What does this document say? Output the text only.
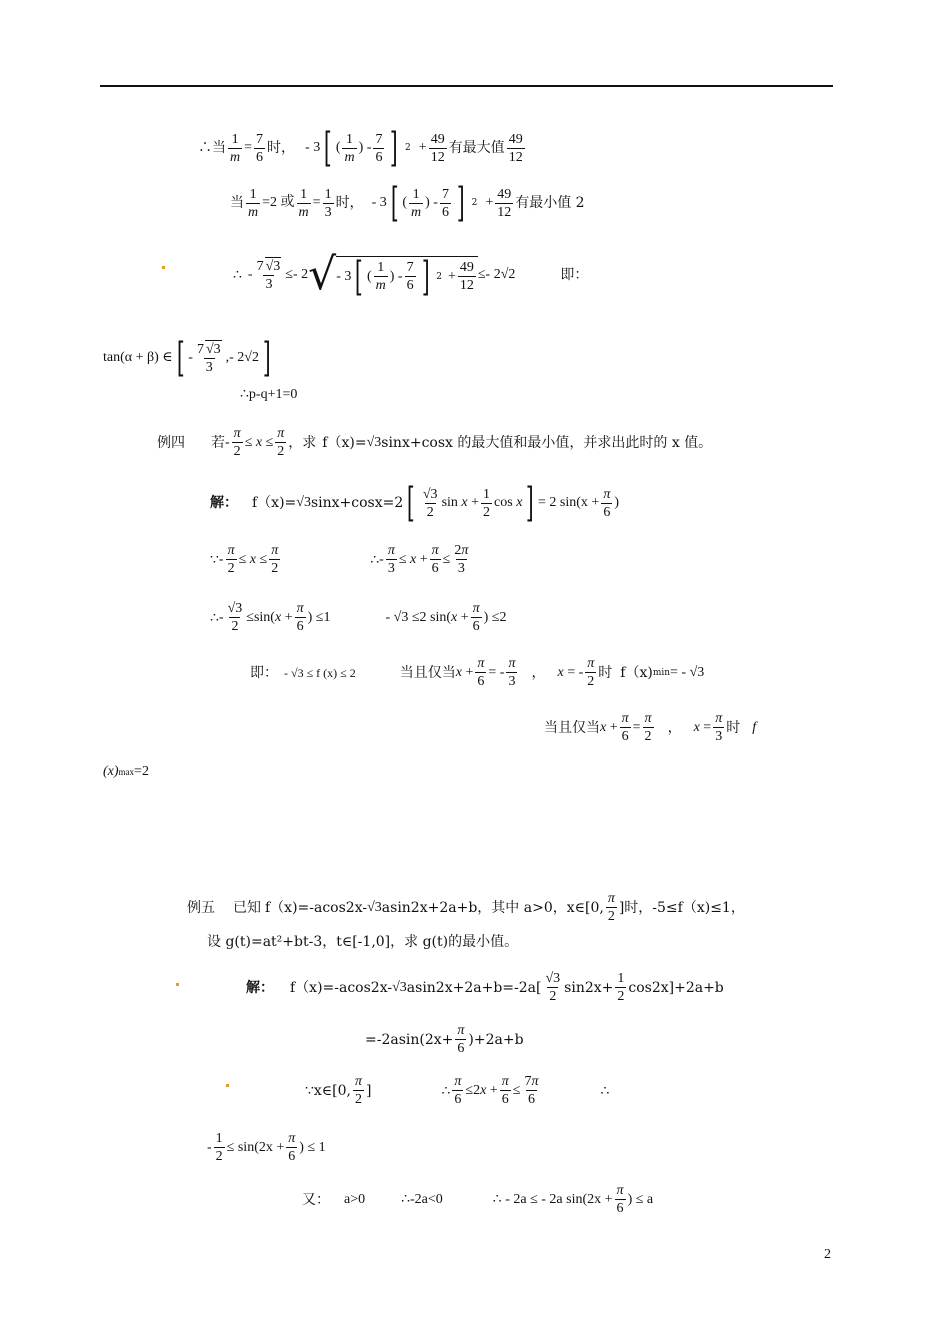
∴当 $\frac{1}{m} = \frac{7}{6}$ 时， - 3 [ ( $\frac{1}{m}$ ) - $\frac{7}{6}$ ] $2 + \frac{49}{12}$ 有最大值 $\frac{49}{12}$
当 $\frac{1}{m} =2$ 或 $\frac{1}{m} = \frac{1}{3}$ 时， - 3 [ ( $\frac{1}{m}$ ) - $\frac{7}{6}$ ] $2 + \frac{49}{12}$ 有最小值 2
∴ - $\frac{7 √ 3}{3} \le- 2$ √ - 3 [ ( $\frac{1}{m}$ ) - $\frac{7}{6}$ ] $2 + \frac{49}{12} \le- 2$ √2	即：
tan(α + β) ∈ [ - $\frac{7 √ 3}{3}$ ,- 2√2 ]
∴p-q+1=0
例四 若 - $\frac{\pi}{2} \le x \le \frac{\pi}{2}$ ，求 f（x)= √3 sinx+cosx 的最大值和最小值，并求出此时的 x 值。
解： f（x)= √3 sinx+cosx=2 [ $\frac{√3}{2}$ $\sin x + \frac{1}{2}$ cos x ] = 2 $\sin(x + \frac{\pi}{6}$ )
∵ - $\frac{\pi}{2} \le x \le \frac{\pi}{2}$	∴ - $\frac{\pi}{3} \le x + \frac{\pi}{6} \le \frac{2\pi}{3}$
∴ - $\frac{√3}{2} \le\sin(x + \frac{\pi}{6}$ ) ≤1	- √3 ≤2 $\sin(x + \frac{\pi}{6}$ ) ≤2
即： - √3 ≤ f (x) ≤ 2	当且仅当 $x + \frac{\pi}{6}$ = - $\frac{\pi}{3}$ ， x = - $\frac{\pi}{2}$ 时 f（x) min = - √3
当且仅当 $x + \frac{\pi}{6} = \frac{\pi}{2}$ ， $x = \frac{\pi}{3}$ 时 f
(x) max =2
例五 已知 f（x)=-acos2x- √3 asin2x+2a+b，其中 a>0，x∈[0, $\frac{\pi}{2}$ ]时，-5≤f（x)≤1，
设 g(t)=at²+bt-3，t∈[-1,0]，求 g(t)的最小值。
解： f（x)=-acos2x- √3 $asin2x+2a+b=-2a[ \frac{√3}{2} \sin 2x+ \frac{1}{2} \cos 2x]+2a+b$
$=-2asin(2x+ \frac{\pi}{6} )+2a+b$
∵x∈[0, $\frac{\pi}{2}$ ]	∴ $\frac{\pi}{6} \le 2x + \frac{\pi}{6} \le \frac{7\pi}{6}$	∴
- $\frac{1}{2} \le \sin(2x + \frac{\pi}{6}$ ) ≤ 1
又： a>0	∴-2a<0	∴ - 2a ≤ - 2a $\sin(2x + \frac{\pi}{6}$ ) ≤ a
2
